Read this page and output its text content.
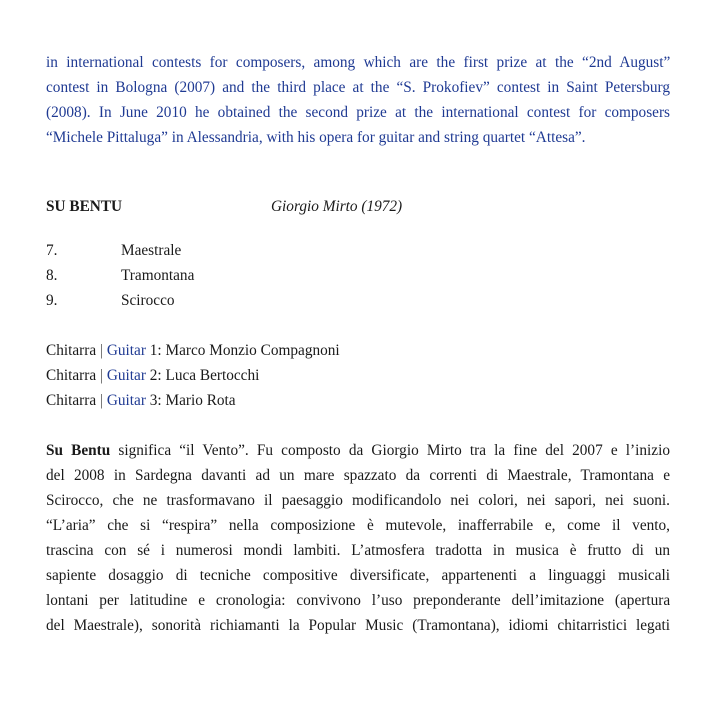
in international contests for composers, among which are the first prize at the “2nd August”
contest in Bologna (2007) and the third place at the “S. Prokofiev” contest in Saint Petersburg
(2008). In June 2010 he obtained the second prize at the international contest for composers
“Michele Pittaluga” in Alessandria, with his opera for guitar and string quartet “Attesa”.
SU BENTU	Giorgio Mirto (1972)
7.	Maestrale
8.	Tramontana
9.	Scirocco
Chitarra | Guitar 1: Marco Monzio Compagnoni
Chitarra | Guitar 2: Luca Bertocchi
Chitarra | Guitar 3: Mario Rota
Su Bentu significa “il Vento”. Fu composto da Giorgio Mirto tra la fine del 2007 e l’inizio
del 2008 in Sardegna davanti ad un mare spazzato da correnti di Maestrale, Tramontana e
Scirocco, che ne trasformavano il paesaggio modificandolo nei colori, nei sapori, nei suoni.
“L’aria” che si “respira” nella composizione è mutevole, inafferrabile e, come il vento,
trascina con sé i numerosi mondi lambiti. L’atmosfera tradotta in musica è frutto di un
sapiente dosaggio di tecniche compositive diversificate, appartenenti a linguaggi musicali
lontani per latitudine e cronologia: convivono l’uso preponderante dell’imitazione (apertura
del Maestrale), sonorità richiamanti la Popular Music (Tramontana), idiomi chitarristici legati
